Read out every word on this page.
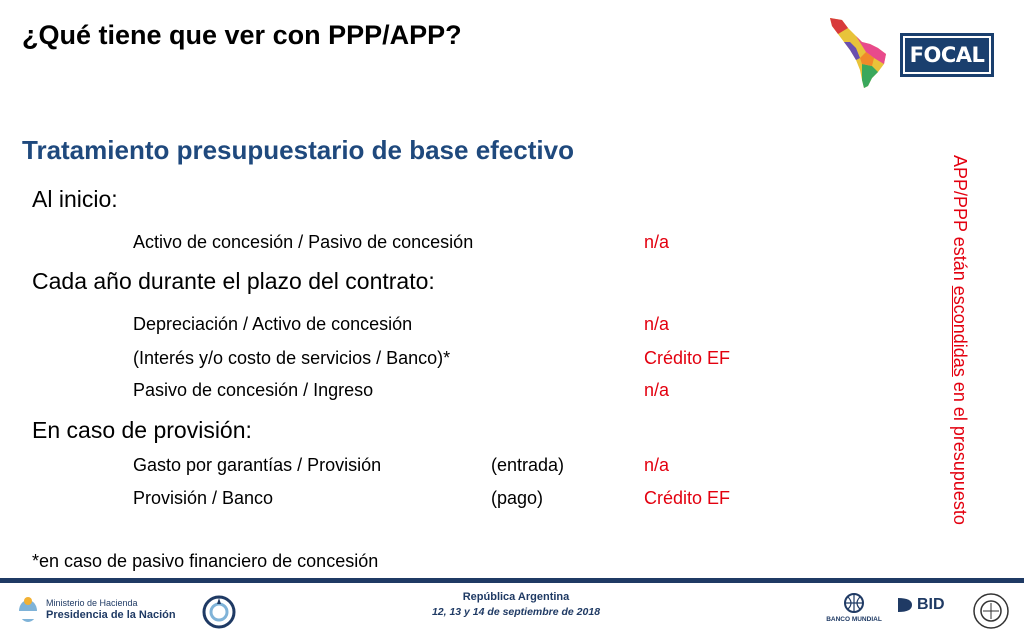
¿Qué tiene que ver con PPP/APP?
FOCAL
Tratamiento presupuestario de base efectivo
Al inicio:
Activo de concesión / Pasivo de concesión	n/a
Cada año durante el plazo del contrato:
Depreciación / Activo de concesión	n/a
(Interés y/o costo de servicios / Banco)*	Crédito EF
Pasivo de concesión / Ingreso	n/a
En caso de provisión:
Gasto por garantías / Provisión	(entrada)	n/a
Provisión / Banco	(pago)	Crédito EF
*en caso de pasivo financiero de concesión
APP/PPP están escondidas en el presupuesto
Ministerio de Hacienda
Presidencia de la Nación
República Argentina
12, 13 y 14 de septiembre de 2018
BANCO MUNDIAL
BID
